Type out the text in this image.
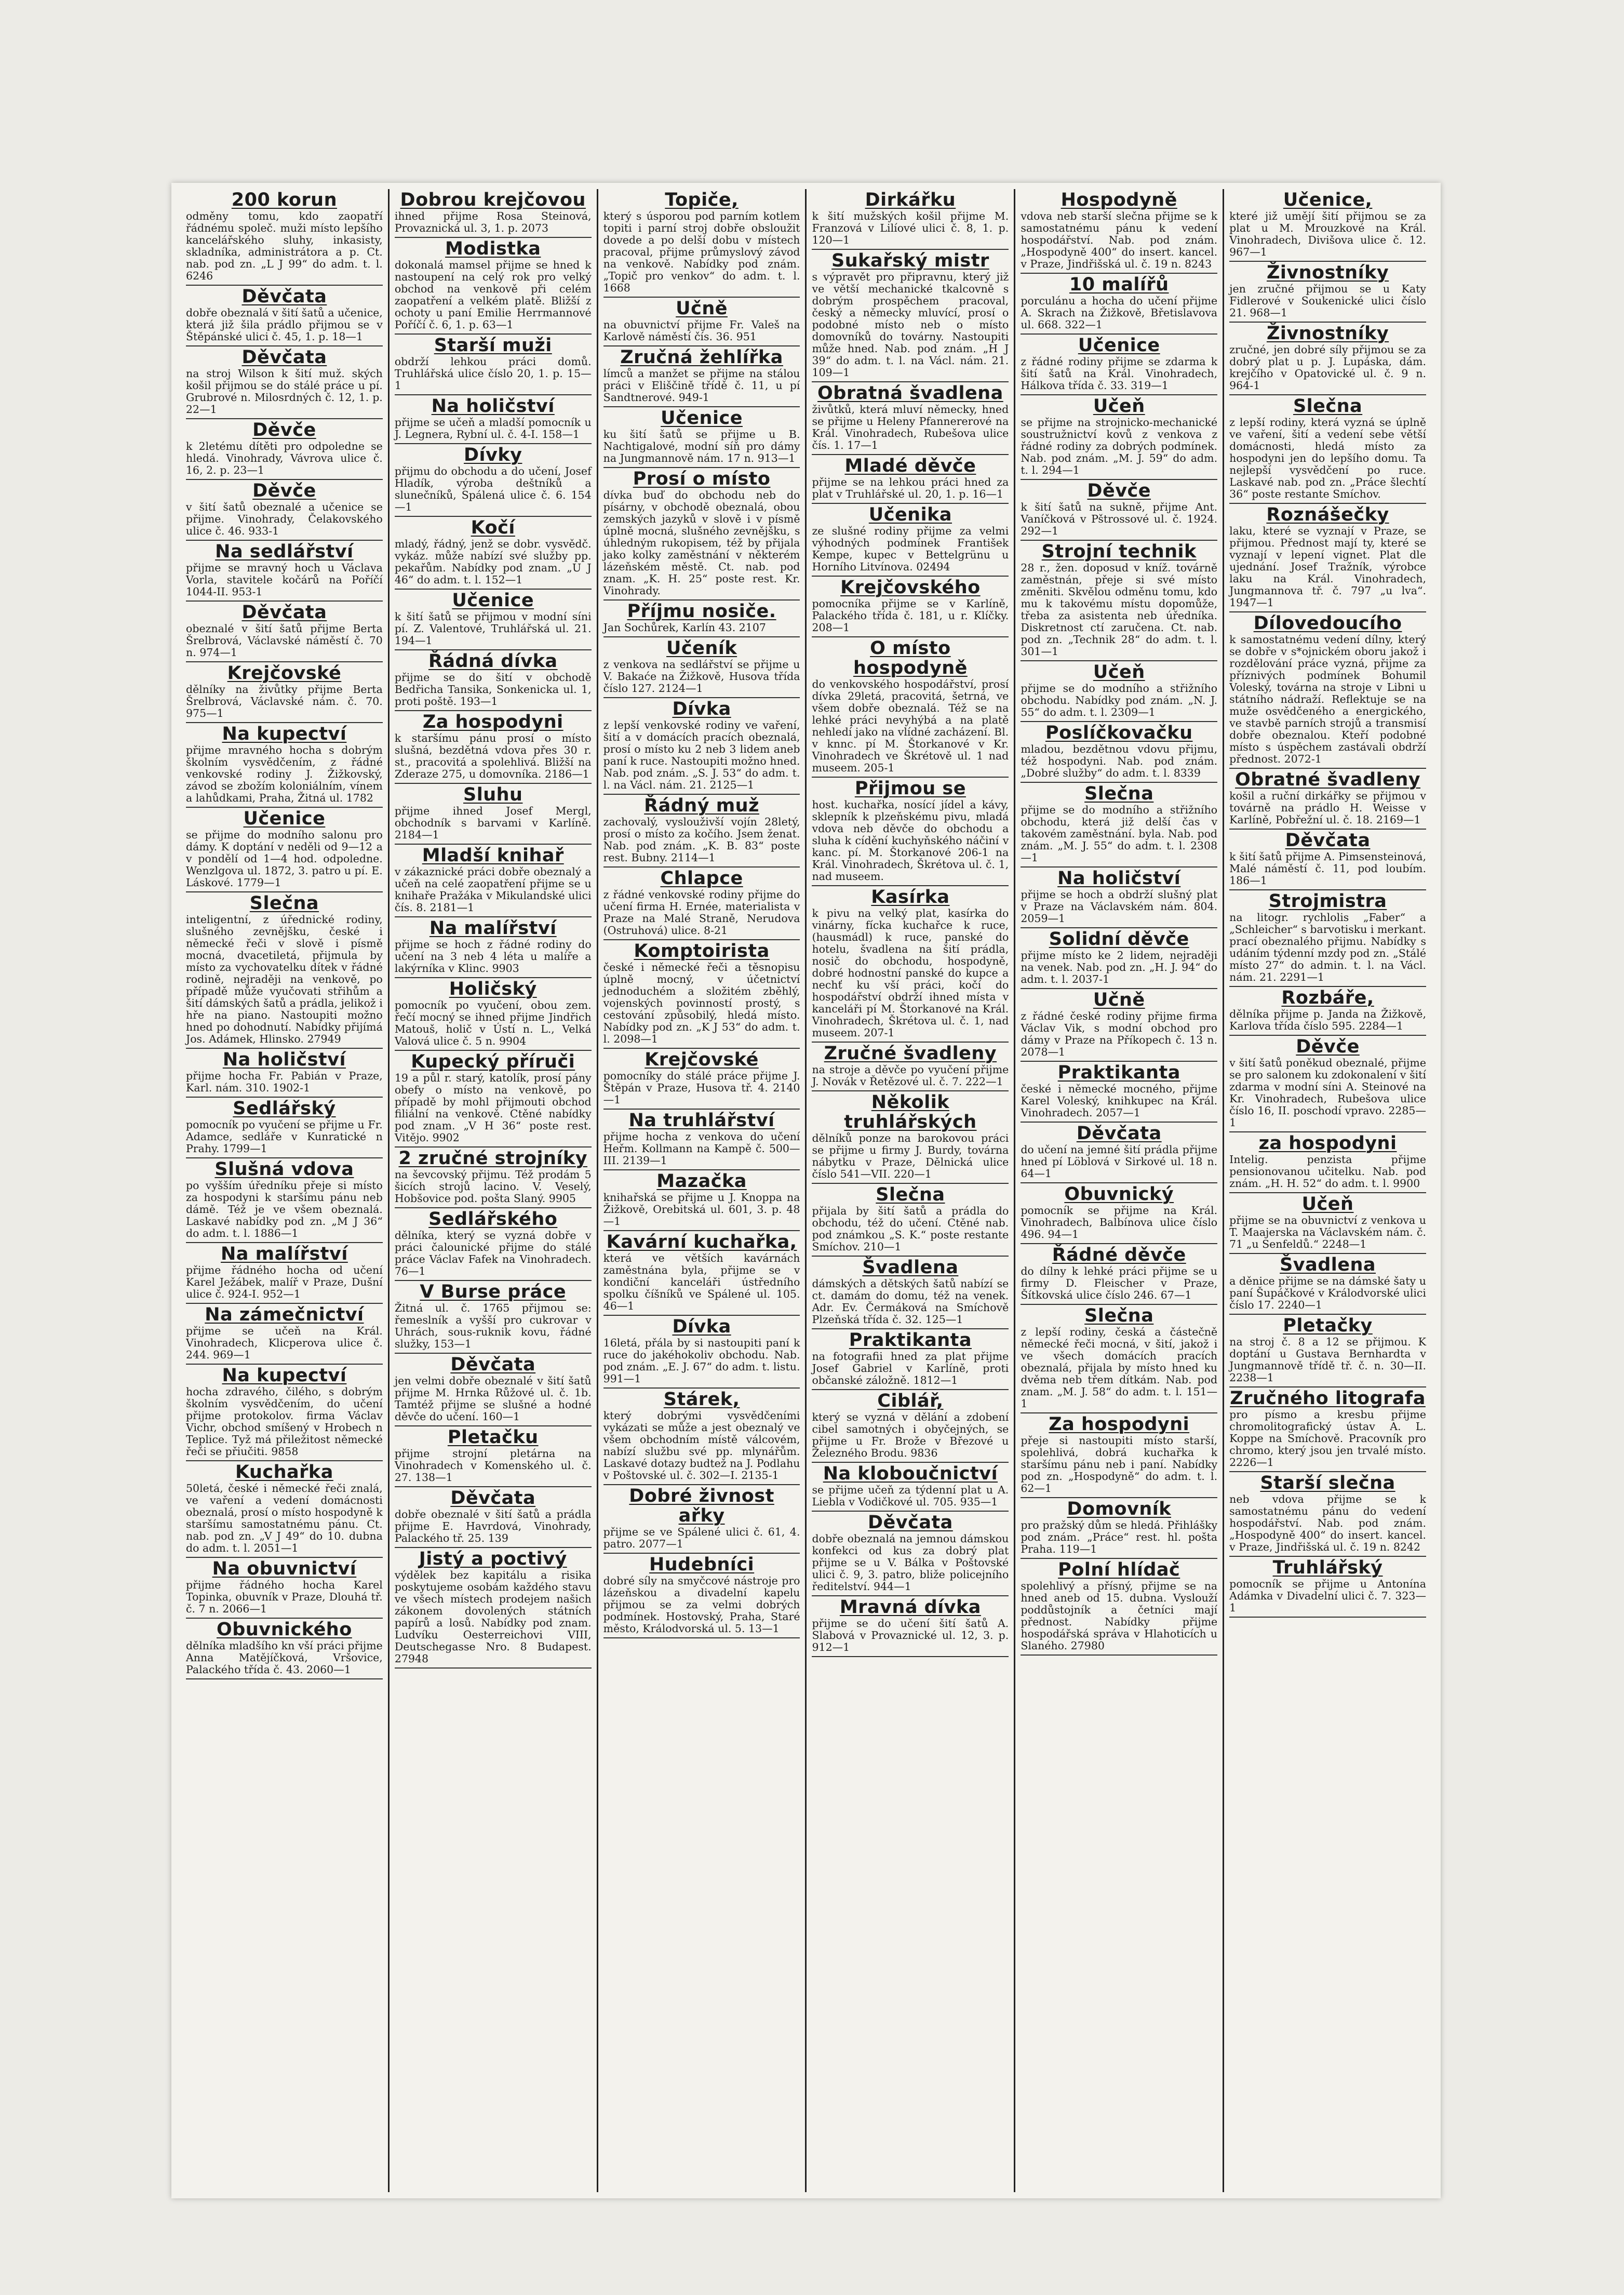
200 korun

odměny tomu, kdo zaopatří řádnému společ. muži místo lepšího kancelářského sluhy, inkasisty, skladníka, administrátora a p. Ct. nab. pod zn. „L J 99“ do adm. t. l. 6246

Děvčata

dobře obeznalá v šití šatů a učenice, která již šila prádlo přijmou se v Štěpánské ulici č. 45, 1. p. 18—1

Děvčata

na stroj Wilson k šití muž. ských košil přijmou se do stálé práce u pí. Grubrové n. Milosrdných č. 12, 1. p. 22—1

Děvče

k 2letému dítěti pro odpoledne se hledá. Vinohrady, Vávrova ulice č. 16, 2. p. 23—1

Děvče

v šití šatů obeznalé a učenice se přijme. Vinohrady, Čelakovského ulice č. 46. 933-1

Na sedlářství

přijme se mravný hoch u Václava Vorla, stavitele kočárů na Poříčí 1044-II. 953-1

Děvčata

obeznalé v šití šatů přijme Berta Šrelbrová, Václavské náměstí č. 70 n. 974—1

Krejčovské

dělníky na živůtky přijme Berta Šrelbrová, Václavské nám. č. 70. 975—1

Na kupectví

přijme mravného hocha s dobrým školním vysvědčením, z řádné venkovské rodiny J. Žižkovský, závod se zbožím koloniálním, vínem a lahůdkami, Praha, Žitná ul. 1782

Učenice

se přijme do modního salonu pro dámy. K doptání v neděli od 9—12 a v pondělí od 1—4 hod. odpoledne. Wenzlgova ul. 1872, 3. patro u pí. E. Láskové. 1779—1

Slečna

inteligentní, z úřednické rodiny, slušného zevnějšku, české i německé řeči v slově i písmě mocná, dvacetiletá, přijmula by místo za vychovatelku dítek v řádné rodině, nejraději na venkově, po případě může vyučovati střihům a šití dámských šatů a prádla, jelikož i hře na piano. Nastoupiti možno hned po dohodnutí. Nabídky přijímá Jos. Adámek, Hlinsko. 27949

Na holičství

přijme hocha Fr. Pabián v Praze, Karl. nám. 310. 1902-1

Sedlářský

pomocník po vyučení se přijme u Fr. Adamce, sedláře v Kunratické n Prahy. 1799—1

Slušná vdova

po vyšším úředníku přeje si místo za hospodyni k staršímu pánu neb dámě. Též je ve všem obeznalá. Laskavé nabídky pod zn. „M J 36“ do adm. t. l. 1886—1

Na malířství

přijme řádného hocha od učení Karel Ježábek, malíř v Praze, Dušní ulice č. 924-I. 952—1

Na zámečnictví

přijme se učeň na Král. Vinohradech, Klicperova ulice č. 244. 969—1

Na kupectví

hocha zdravého, čilého, s dobrým školním vysvědčením, do učení přijme protokolov. firma Václav Vichr, obchod smíšený v Hrobech n Teplice. Tyž má přiležitost německé řeči se přiučiti. 9858

Kuchařka

50letá, české i německé řeči znalá, ve vaření a vedení domácnosti obeznalá, prosí o místo hospodyně k staršímu samostatnému pánu. Ct. nab. pod zn. „V J 49“ do 10. dubna do adm. t. l. 2051—1

Na obuvnictví

přijme řádného hocha Karel Topinka, obuvník v Praze, Dlouhá tř. č. 7 n. 2066—1

Obuvnického

dělníka mladšího kn vší práci přijme Anna Matějíčková, Vršovice, Palackého třída č. 43. 2060—1

Dobrou krejčovou

ihned přijme Rosa Steinová, Provaznická ul. 3, 1. p. 2073

Modistka

dokonalá mamsel přijme se hned k nastoupení na celý rok pro velký obchod na venkově při celém zaopatření a velkém platě. Bližší z ochoty u paní Emilie Herrmannové Poříčí č. 6, 1. p. 63—1

Starší muži

obdrží lehkou práci domů. Truhlářská ulice číslo 20, 1. p. 15—1

Na holičství

přijme se učeň a mladší pomocník u J. Legnera, Rybní ul. č. 4-I. 158—1

Dívky

přijmu do obchodu a do učení, Josef Hladík, výroba deštníků a slunečníků, Spálená ulice č. 6. 154—1

Kočí

mladý, řádný, jenž se dobr. vysvědč. vykáz. může nabízí své služby pp. pekařům. Nabídky pod znam. „U J 46“ do adm. t. l. 152—1

Učenice

k šití šatů se přijmou v modní síni pí. Z. Valentové, Truhlářská ul. 21. 194—1

Řádná dívka

přijme se do šití v obchodě Bedřicha Tansika, Sonkenicka ul. 1, proti poště. 193—1

Za hospodyni

k staršímu pánu prosí o místo slušná, bezdětná vdova přes 30 r. st., pracovitá a spolehlivá. Bližší na Zderaze 275, u domovníka. 2186—1

Sluhu

přijme ihned Josef Mergl, obchodník s barvami v Karlíně. 2184—1

Mladší knihař

v zákaznické práci dobře obeznalý a učeň na celé zaopatření přijme se u knihaře Pražáka v Mikulandské ulici čís. 8. 2181—1

Na malířství

přijme se hoch z řádné rodiny do učení na 3 neb 4 léta u malíře a lakýrníka v Klinc. 9903

Holičský

pomocník po vyučení, obou zem. řečí mocný se ihned přijme Jindřich Matouš, holič v Ústí n. L., Velká Valová ulice č. 5 n. 9904

Kupecký příruči

19 a půl r. starý, katolík, prosí pány obefy o místo na venkově, po případě by mohl přijmouti obchod filiální na venkově. Ctěné nabídky pod znam. „V H 36“ poste rest. Vitějo. 9902

2 zručné strojníky

na ševcovský přijmu. Též prodám 5 šicích strojů lacino. V. Veselý, Hobšovice pod. pošta Slaný. 9905

Sedlářského

dělníka, který se vyzná dobře v práci čalounické přijme do stálé práce Václav Fafek na Vinohradech. 76—1

V Burse práce

Žitná ul. č. 1765 přijmou se: řemeslník a vyšší pro cukrovar v Uhrách, sous-ruknik kovu, řádné služky, 153—1

Děvčata

jen velmi dobře obeznalé v šití šatů přijme M. Hrnka Růžové ul. č. 1b. Tamtéž přijme se slušné a hodné děvče do učení. 160—1

Pletačku

přijme strojní pletárna na Vinohradech v Komenského ul. č. 27. 138—1

Děvčata

dobře obeznalé v šití šatů a prádla přijme E. Havrdová, Vinohrady, Palackého tř. 25. 139

Jistý a poctivý

výdělek bez kapitálu a risika poskytujeme osobám každého stavu ve všech místech prodejem našich zákonem dovolených státních papírů a losů. Nabídky pod znam. Ludvíku Oesterreichovi VIII, Deutschegasse Nro. 8 Budapest. 27948

Topiče,

který s úsporou pod parním kotlem topiti i parní stroj dobře obsloužit dovede a po delší dobu v místech pracoval, přijme průmyslový závod na venkově. Nabídky pod znám. „Topič pro venkov“ do adm. t. l. 1668

Učně

na obuvnictví přijme Fr. Valeš na Karlově náměstí čís. 36. 951

Zručná žehlířka

límců a manžet se přijme na stálou práci v Eliščině třídě č. 11, u pí Sandtnerové. 949-1

Učenice

ku šití šatů se přijme u B. Nachtigalové, modní síň pro dámy na Jungmannově nám. 17 n. 913—1

Prosí o místo

dívka buď do obchodu neb do písárny, v obchodě obeznalá, obou zemských jazyků v slově i v písmě úplně mocná, slušného zevnějšku, s úhledným rukopisem, též by přijala jako kolky zaměstnání v některém lázeňském městě. Ct. nab. pod znam. „K. H. 25“ poste rest. Kr. Vinohrady.

Příjmu nosiče.

Jan Sochůrek, Karlín 43. 2107

Učeník

z venkova na sedlářství se přijme u V. Bakaće na Žižkově, Husova třída číslo 127. 2124—1

Dívka

z lepší venkovské rodiny ve vaření, šití a v domácích pracích obeznalá, prosí o místo ku 2 neb 3 lidem aneb paní k ruce. Nastoupiti možno hned. Nab. pod znám. „S. J. 53“ do adm. t. l. na Václ. nám. 21. 2125—1

Řádný muž

zachovalý, vyslouživší vojín 28letý, prosí o místo za kočího. Jsem ženat. Nab. pod znám. „K. B. 83“ poste rest. Bubny. 2114—1

Chlapce

z řádné venkovské rodiny přijme do učení firma H. Ernée, materialista v Praze na Malé Straně, Nerudova (Ostruhová) ulice. 8-21

Komptoirista

české i německé řeči a těsnopisu úplně mocný, v účetnictví jednoduchém a složitém zběhlý, vojenských povinností prostý, s cestování způsobilý, hledá místo. Nabídky pod zn. „K J 53“ do adm. t. l. 2098—1

Krejčovské

pomocníky do stálé práce přijme J. Štěpán v Praze, Husova tř. 4. 2140—1

Na truhlářství

přijme hocha z venkova do učení Heřm. Kollmann na Kampě č. 500—III. 2139—1

Mazačka

knihařská se přijme u J. Knoppa na Žižkově, Orebitská ul. 601, 3. p. 48—1

Kavární kuchařka,

která ve větších kavárnách zaměstnána byla, přijme se v kondiční kanceláři ústředního spolku číšníků ve Spálené ul. 105. 46—1

Dívka

16letá, přála by si nastoupiti paní k ruce do jakéhokoliv obchodu. Nab. pod znám. „E. J. 67“ do adm. t. listu. 991—1

Stárek,

který dobrými vysvědčeními vykázati se může a jest obeznalý ve všem obchodním místě válcovém, nabízí službu své pp. mlynářům. Laskavé dotazy budtež na J. Podlahu v Poštovské ul. č. 302—I. 2135-1

Dobré živnost ařky

přijme se ve Spálené ulici č. 61, 4. patro. 2077—1

Hudebníci

dobré síly na smyčcové nástroje pro lázeňskou a divadelní kapelu přijmou se za velmi dobrých podmínek. Hostovský, Praha, Staré město, Králodvorská ul. 5. 13—1

Dirkářku

k šití mužských košil přijme M. Franzová v Lilíové ulici č. 8, 1. p. 120—1

Sukařský mistr

s výpravět pro připravnu, který již ve větší mechanické tkalcovně s dobrým prospěchem pracoval, český a německy mluvící, prosí o podobné místo neb o místo domovníků do továrny. Nastoupiti může hned. Nab. pod znám. „H J 39“ do adm. t. l. na Václ. nám. 21. 109—1

Obratná švadlena

živůtků, která mluví německy, hned se přijme u Heleny Pfannererové na Král. Vinohradech, Rubešova ulice čís. 1. 17—1

Mladé děvče

přijme se na lehkou práci hned za plat v Truhlářské ul. 20, 1. p. 16—1

Učenika

ze slušné rodiny přijme za velmi výhodných podmínek František Kempe, kupec v Bettelgrünu u Horního Litvínova. 02494

Krejčovského

pomocníka přijme se v Karlíně, Palackého třída č. 181, u r. Klíčky. 208—1

O místo hospodyně

do venkovského hospodářství, prosí dívka 29letá, pracovitá, šetrná, ve všem dobře obeznalá. Též se na lehké práci nevyhýbá a na platě nehledí jako na vlídné zacházení. Bl. v knnc. pí M. Štorkanové v Kr. Vinohradech ve Škrétově ul. 1 nad museem. 205-1

Přijmou se

host. kuchařka, nosící jídel a kávy, sklepník k plzeňskému pivu, mladá vdova neb děvče do obchodu a sluha k cídění kuchyňského náčiní v kanc. pí. M. Štorkanové 206-1 na Král. Vinohradech, Škrétova ul. č. 1, nad museem.

Kasírka

k pivu na velký plat, kasírka do vinárny, fícka kuchařce k ruce, (hausmádl) k ruce, panské do hotelu, švadlena na šití prádla, nosič do obchodu, hospodyně, dobré hodnostní panské do kupce a nechť ku vší práci, kočí do hospodářství obdrží ihned místa v kanceláři pí M. Štorkanové na Král. Vinohradech, Škrétova ul. č. 1, nad museem. 207-1

Zručné švadleny

na stroje a děvče po vyučení přijme J. Novák v Řetězové ul. č. 7. 222—1

Několik truhlářských

dělníků ponze na barokovou práci se přijme u firmy J. Burdy, továrna nábytku v Praze, Dělnická ulice číslo 541—VII. 220—1

Slečna

přijala by šití šatů a prádla do obchodu, též do učení. Ctěné nab. pod známkou „S. K.“ poste restante Smíchov. 210—1

Švadlena

dámských a dětských šatů nabízí se ct. damám do domu, též na venek. Adr. Ev. Čermáková na Smíchově Plzeňská třída č. 32. 125—1

Praktikanta

na fotografii hned za plat přijme Josef Gabriel v Karlíně, proti občanské záložně. 1812—1

Ciblář,

který se vyzná v dělání a zdobení cibel samotných i obyčejných, se přijme u Fr. Brože v Březové u Železného Brodu. 9836

Na kloboučnictví

se přijme učeň za týdenní plat u A. Liebla v Vodičkové ul. 705. 935—1

Děvčata

dobře obeznalá na jemnou dámskou konfekci od kus za dobrý plat přijme se u V. Bálka v Poštovské ulici č. 9, 3. patro, bliže policejního ředitelství. 944—1

Mravná dívka

přijme se do učení šití šatů A. Slabová v Provaznické ul. 12, 3. p. 912—1

Hospodyně

vdova neb starší slečna přijme se k samostatnému pánu k vedení hospodářství. Nab. pod znám. „Hospodyně 400“ do insert. kancel. v Praze, Jindřišská ul. č. 19 n. 8243

10 malířů

porculánu a hocha do učení přijme A. Skrach na Žižkově, Břetislavova ul. 668. 322—1

Učenice

z řádné rodiny přijme se zdarma k šití šatů na Král. Vinohradech, Hálkova třída č. 33. 319—1

Učeň

se přijme na strojnicko-mechanické soustružnictví kovů z venkova z řádné rodiny za dobrých podmínek. Nab. pod znám. „M. J. 59“ do adm. t. l. 294—1

Děvče

k šití šatů na sukně, přijme Ant. Vaníčková v Pštrossové ul. č. 1924. 292—1

Strojní technik

28 r., žen. doposud v kníž. továrně zaměstnán, přeje si své místo změniti. Skvělou odměnu tomu, kdo mu k takovému místu dopomůže, třeba za asistenta neb úředníka. Diskretnost ctí zaručena. Ct. nab. pod zn. „Technik 28“ do adm. t. l. 301—1

Učeň

přijme se do modního a střižního obchodu. Nabídky pod znám. „N. J. 55“ do adm. t. l. 2309—1

Poslíčkovačku

mladou, bezdětnou vdovu přijmu, též hospodyni. Nab. pod znám. „Dobré služby“ do adm. t. l. 8339

Slečna

přijme se do modního a střižního obchodu, která již delší čas v takovém zaměstnání. byla. Nab. pod znám. „M. J. 55“ do adm. t. l. 2308—1

Na holičství

přijme se hoch a obdrží slušný plat v Praze na Václavském nám. 804. 2059—1

Solidní děvče

přijme místo ke 2 lidem, nejraději na venek. Nab. pod zn. „H. J. 94“ do adm. t. l. 2037-1

Učně

z řádné české rodiny přijme firma Václav Vik, s modní obchod pro dámy v Praze na Příkopech č. 13 n. 2078—1

Praktikanta

české i německé mocného, přijme Karel Voleský, knihkupec na Král. Vinohradech. 2057—1

Děvčata

do učení na jemné šití prádla přijme hned pí Löblová v Sirkové ul. 18 n. 64—1

Obuvnický

pomocník se přijme na Král. Vinohradech, Balbínova ulice číslo 496. 94—1

Řádné děvče

do dílny k lehké práci přijme se u firmy D. Fleischer v Praze, Šítkovská ulice číslo 246. 67—1

Slečna

z lepší rodiny, česká a částečně německé řeči mocná, v šití, jakož i ve všech domácích pracích obeznalá, přijala by místo hned ku dvěma neb třem dítkám. Nab. pod znam. „M. J. 58“ do adm. t. l. 151—1

Za hospodyni

přeje si nastoupiti místo starší, spolehlivá, dobrá kuchařka k staršímu pánu neb i paní. Nabídky pod zn. „Hospodyně“ do adm. t. l. 62—1

Domovník

pro pražský dům se hledá. Přihlášky pod znám. „Práce“ rest. hl. pošta Praha. 119—1

Polní hlídač

spolehlivý a přísný, přijme se na hned aneb od 15. dubna. Vyslouží poddůstojník a četníci mají přednost. Nabídky přijme hospodářská správa v Hlahoticích u Slaného. 27980

Učenice,

které již umějí šití přijmou se za plat u M. Mrouzkové na Král. Vinohradech, Divišova ulice č. 12. 967—1

Živnostníky

jen zručné přijmou se u Katy Fidlerové v Soukenické ulici číslo 21. 968—1

Živnostníky

zručné, jen dobré síly přijmou se za dobrý plat u p. J. Lupáska, dám. krejčího v Opatovické ul. č. 9 n. 964-1

Slečna

z lepší rodiny, která vyzná se úplně ve vaření, šití a vedení sebe větší domácnosti, hledá místo za hospodyni jen do lepšího domu. Ta nejlepší vysvědčení po ruce. Laskavé nab. pod zn. „Práce šlechtí 36“ poste restante Smíchov.

Roznášečky

laku, které se vyznají v Praze, se přijmou. Přednost mají ty, které se vyznají v lepení vignet. Plat dle ujednání. Josef Tražník, výrobce laku na Král. Vinohradech, Jungmannova tř. č. 797 „u lva“. 1947—1

Dílovedoucího

k samostatnému vedení dílny, který se dobře v s*ojnickém oboru jakož i rozdělování práce vyzná, přijme za příznivých podmínek Bohumil Voleský, továrna na stroje v Libni u státního nádraží. Reflektuje se na muže osvědčeného a energického, ve stavbě parních strojů a transmisí dobře obeznalou. Kteří podobné místo s úspěchem zastávali obdrží přednost. 2072-1

Obratné švadleny

košil a ruční dirkářky se přijmou v továrně na prádlo H. Weisse v Karlíně, Pobřežní ul. č. 18. 2169—1

Děvčata

k šití šatů přijme A. Pimsensteinová, Malé náměstí č. 11, pod loubím. 186—1

Strojmistra

na litogr. rychlolis „Faber“ a „Schleicher“ s barvotisku i merkant. prací obeznalého přijmu. Nabídky s udáním týdenní mzdy pod zn. „Stálé místo 27“ do admin. t. l. na Václ. nám. 21. 2291—1

Rozbáře,

dělníka přijme p. Janda na Žižkově, Karlova třída číslo 595. 2284—1

Děvče

v šití šatů poněkud obeznalé, přijme se pro salonem ku zdokonalení v šití zdarma v modní síni A. Steinové na Kr. Vinohradech, Rubešova ulice číslo 16, II. poschodí vpravo. 2285—1

za hospodyni

Intelig. penzista přijme pensionovanou učitelku. Nab. pod znám. „H. H. 52“ do adm. t. l. 9900

Učeň

přijme se na obuvnictví z venkova u T. Maajerska na Václavském nám. č. 71 „u Senfeldů.“ 2248—1

Švadlena

a děnice přijme se na dámské šaty u paní Šupáčkové v Králodvorské ulici číslo 17. 2240—1

Pletačky

na stroj č. 8 a 12 se přijmou. K doptání u Gustava Bernhardta v Jungmannově třídě tř. č. n. 30—II. 2238—1

Zručného litografa

pro písmo a kresbu přijme chromolitografický ústav A. L. Koppe na Smíchově. Pracovník pro chromo, který jsou jen trvalé místo. 2226—1

Starší slečna

neb vdova přijme se k samostatnému pánu do vedení hospodářství. Nab. pod znám. „Hospodyně 400“ do insert. kancel. v Praze, Jindřišská ul. č. 19 n. 8242

Truhlářský

pomocník se přijme u Antonína Adámka v Divadelní ulici č. 7. 323—1
